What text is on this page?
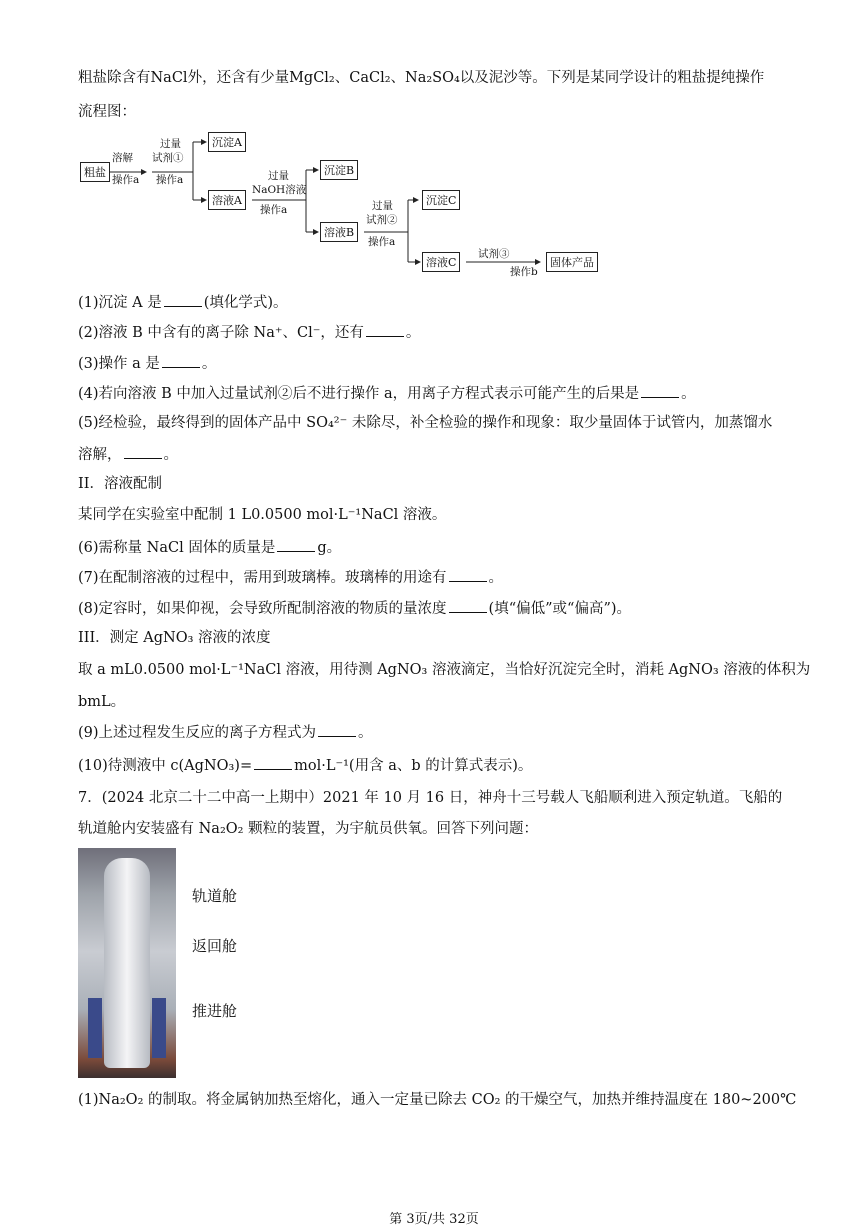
粗盐除含有NaCl外，还含有少量MgCl₂、CaCl₂、Na₂SO₄以及泥沙等。下列是某同学设计的粗盐提纯操作
流程图：
粗盐
溶解
操作a
过量
试剂①
操作a
沉淀A
溶液A
过量
NaOH溶液
操作a
沉淀B
溶液B
过量
试剂②
操作a
沉淀C
溶液C
试剂③
操作b
固体产品
(1)沉淀 A 是	(填化学式)。
(2)溶液 B 中含有的离子除 Na⁺、Cl⁻，还有	。
(3)操作 a 是	。
(4)若向溶液 B 中加入过量试剂②后不进行操作 a，用离子方程式表示可能产生的后果是	。
(5)经检验，最终得到的固体产品中 SO₄²⁻ 未除尽，补全检验的操作和现象：取少量固体于试管内，加蒸馏水
溶解，	。
II．溶液配制
某同学在实验室中配制 1 L0.0500 mol·L⁻¹NaCl 溶液。
(6)需称量 NaCl 固体的质量是	g。
(7)在配制溶液的过程中，需用到玻璃棒。玻璃棒的用途有	。
(8)定容时，如果仰视，会导致所配制溶液的物质的量浓度	(填“偏低”或“偏高”)。
III．测定 AgNO₃ 溶液的浓度
取 a mL0.0500 mol·L⁻¹NaCl 溶液，用待测 AgNO₃ 溶液滴定，当恰好沉淀完全时，消耗 AgNO₃ 溶液的体积为
bmL。
(9)上述过程发生反应的离子方程式为	。
(10)待测液中 c(AgNO₃)=	mol·L⁻¹(用含 a、b 的计算式表示)。
7．(2024 北京二十二中高一上期中）2021 年 10 月 16 日，神舟十三号载人飞船顺利进入预定轨道。飞船的
轨道舱内安装盛有 Na₂O₂ 颗粒的装置，为宇航员供氧。回答下列问题：
轨道舱
返回舱
推进舱
(1)Na₂O₂ 的制取。将金属钠加热至熔化，通入一定量已除去 CO₂ 的干燥空气，加热并维持温度在 180~200℃
第 3页/共 32页
